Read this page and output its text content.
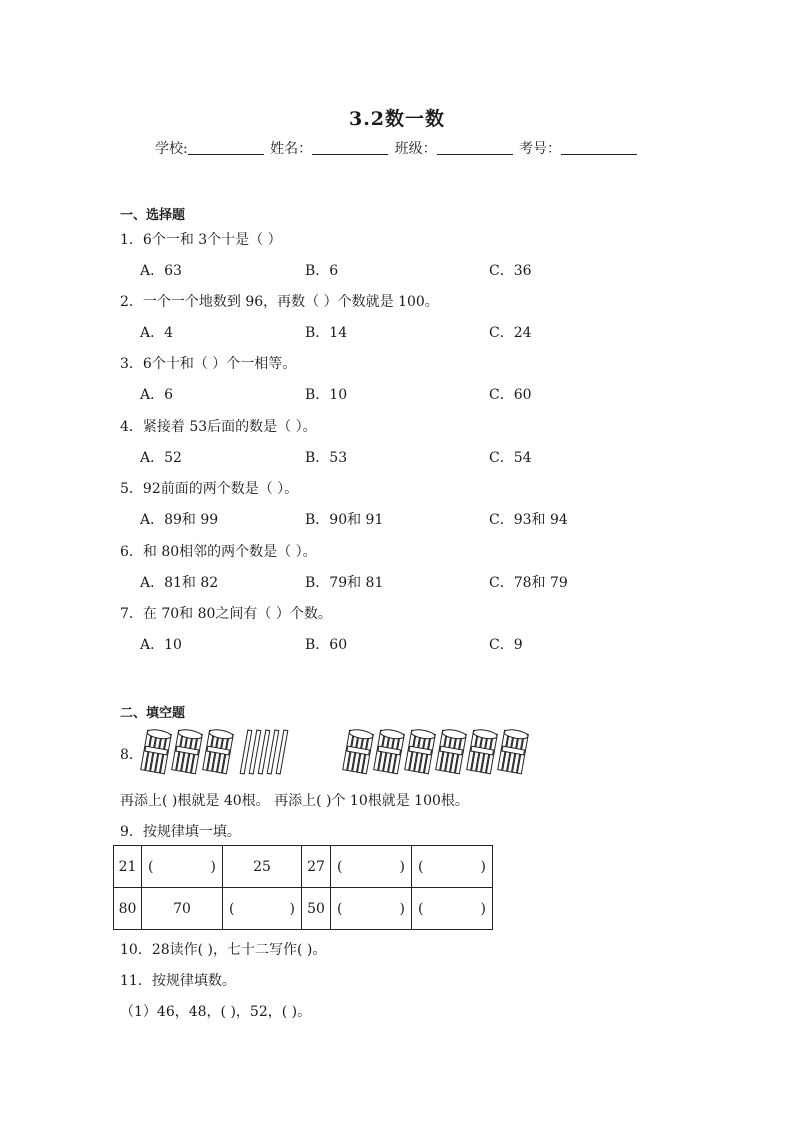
3.2数一数
学校:	姓名：	班级：	考号：
一、选择题
1．6个一和 3个十是（ ）
A．63	B．6	C．36
2．一个一个地数到 96，再数（ ）个数就是 100。
A．4	B．14	C．24
3．6个十和（ ）个一相等。
A．6	B．10	C．60
4．紧接着 53后面的数是（ ）。
A．52	B．53	C．54
5．92前面的两个数是（ ）。
A．89和 99	B．90和 91	C．93和 94
6．和 80相邻的两个数是（ ）。
A．81和 82	B．79和 81	C．78和 79
7．在 70和 80之间有（ ）个数。
A．10	B．60	C．9
二、填空题
8．
再添上( )根就是 40根。 再添上( )个 10根就是 100根。
9．按规律填一填。
21	( )	25	27	( )	( )

80	70	( )	50	( )	( )
10．28读作( )，七十二写作( )。
11．按规律填数。
（1）46，48，( )，52，( )。
